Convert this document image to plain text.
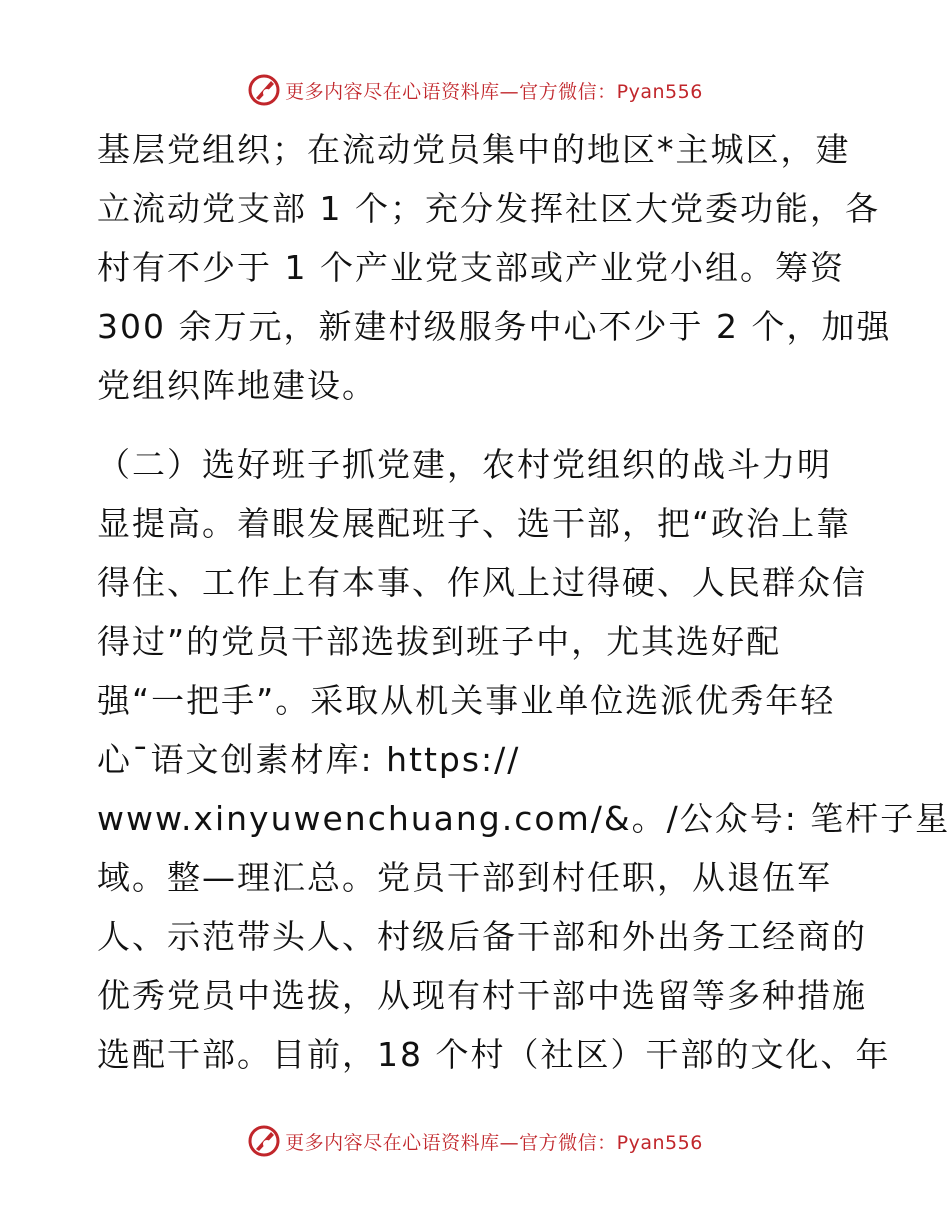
更多内容尽在心语资料库—官方微信：Pyan556
基层党组织；在流动党员集中的地区*主城区，建
立流动党支部 1 个；充分发挥社区大党委功能，各
村有不少于 1 个产业党支部或产业党小组。筹资
300 余万元，新建村级服务中心不少于 2 个，加强
党组织阵地建设。
（二）选好班子抓党建，农村党组织的战斗力明
显提高。着眼发展配班子、选干部，把“政治上靠
得住、工作上有本事、作风上过得硬、人民群众信
得过”的党员干部选拔到班子中，尤其选好配
强“一把手”。采取从机关事业单位选派优秀年轻
心¯语文创素材库: https://
www.xinyuwenchuang.com/&。/公众号: 笔杆子星
域。整—理汇总。党员干部到村任职，从退伍军
人、示范带头人、村级后备干部和外出务工经商的
优秀党员中选拔，从现有村干部中选留等多种措施
选配干部。目前，18 个村（社区）干部的文化、年
更多内容尽在心语资料库—官方微信：Pyan556
